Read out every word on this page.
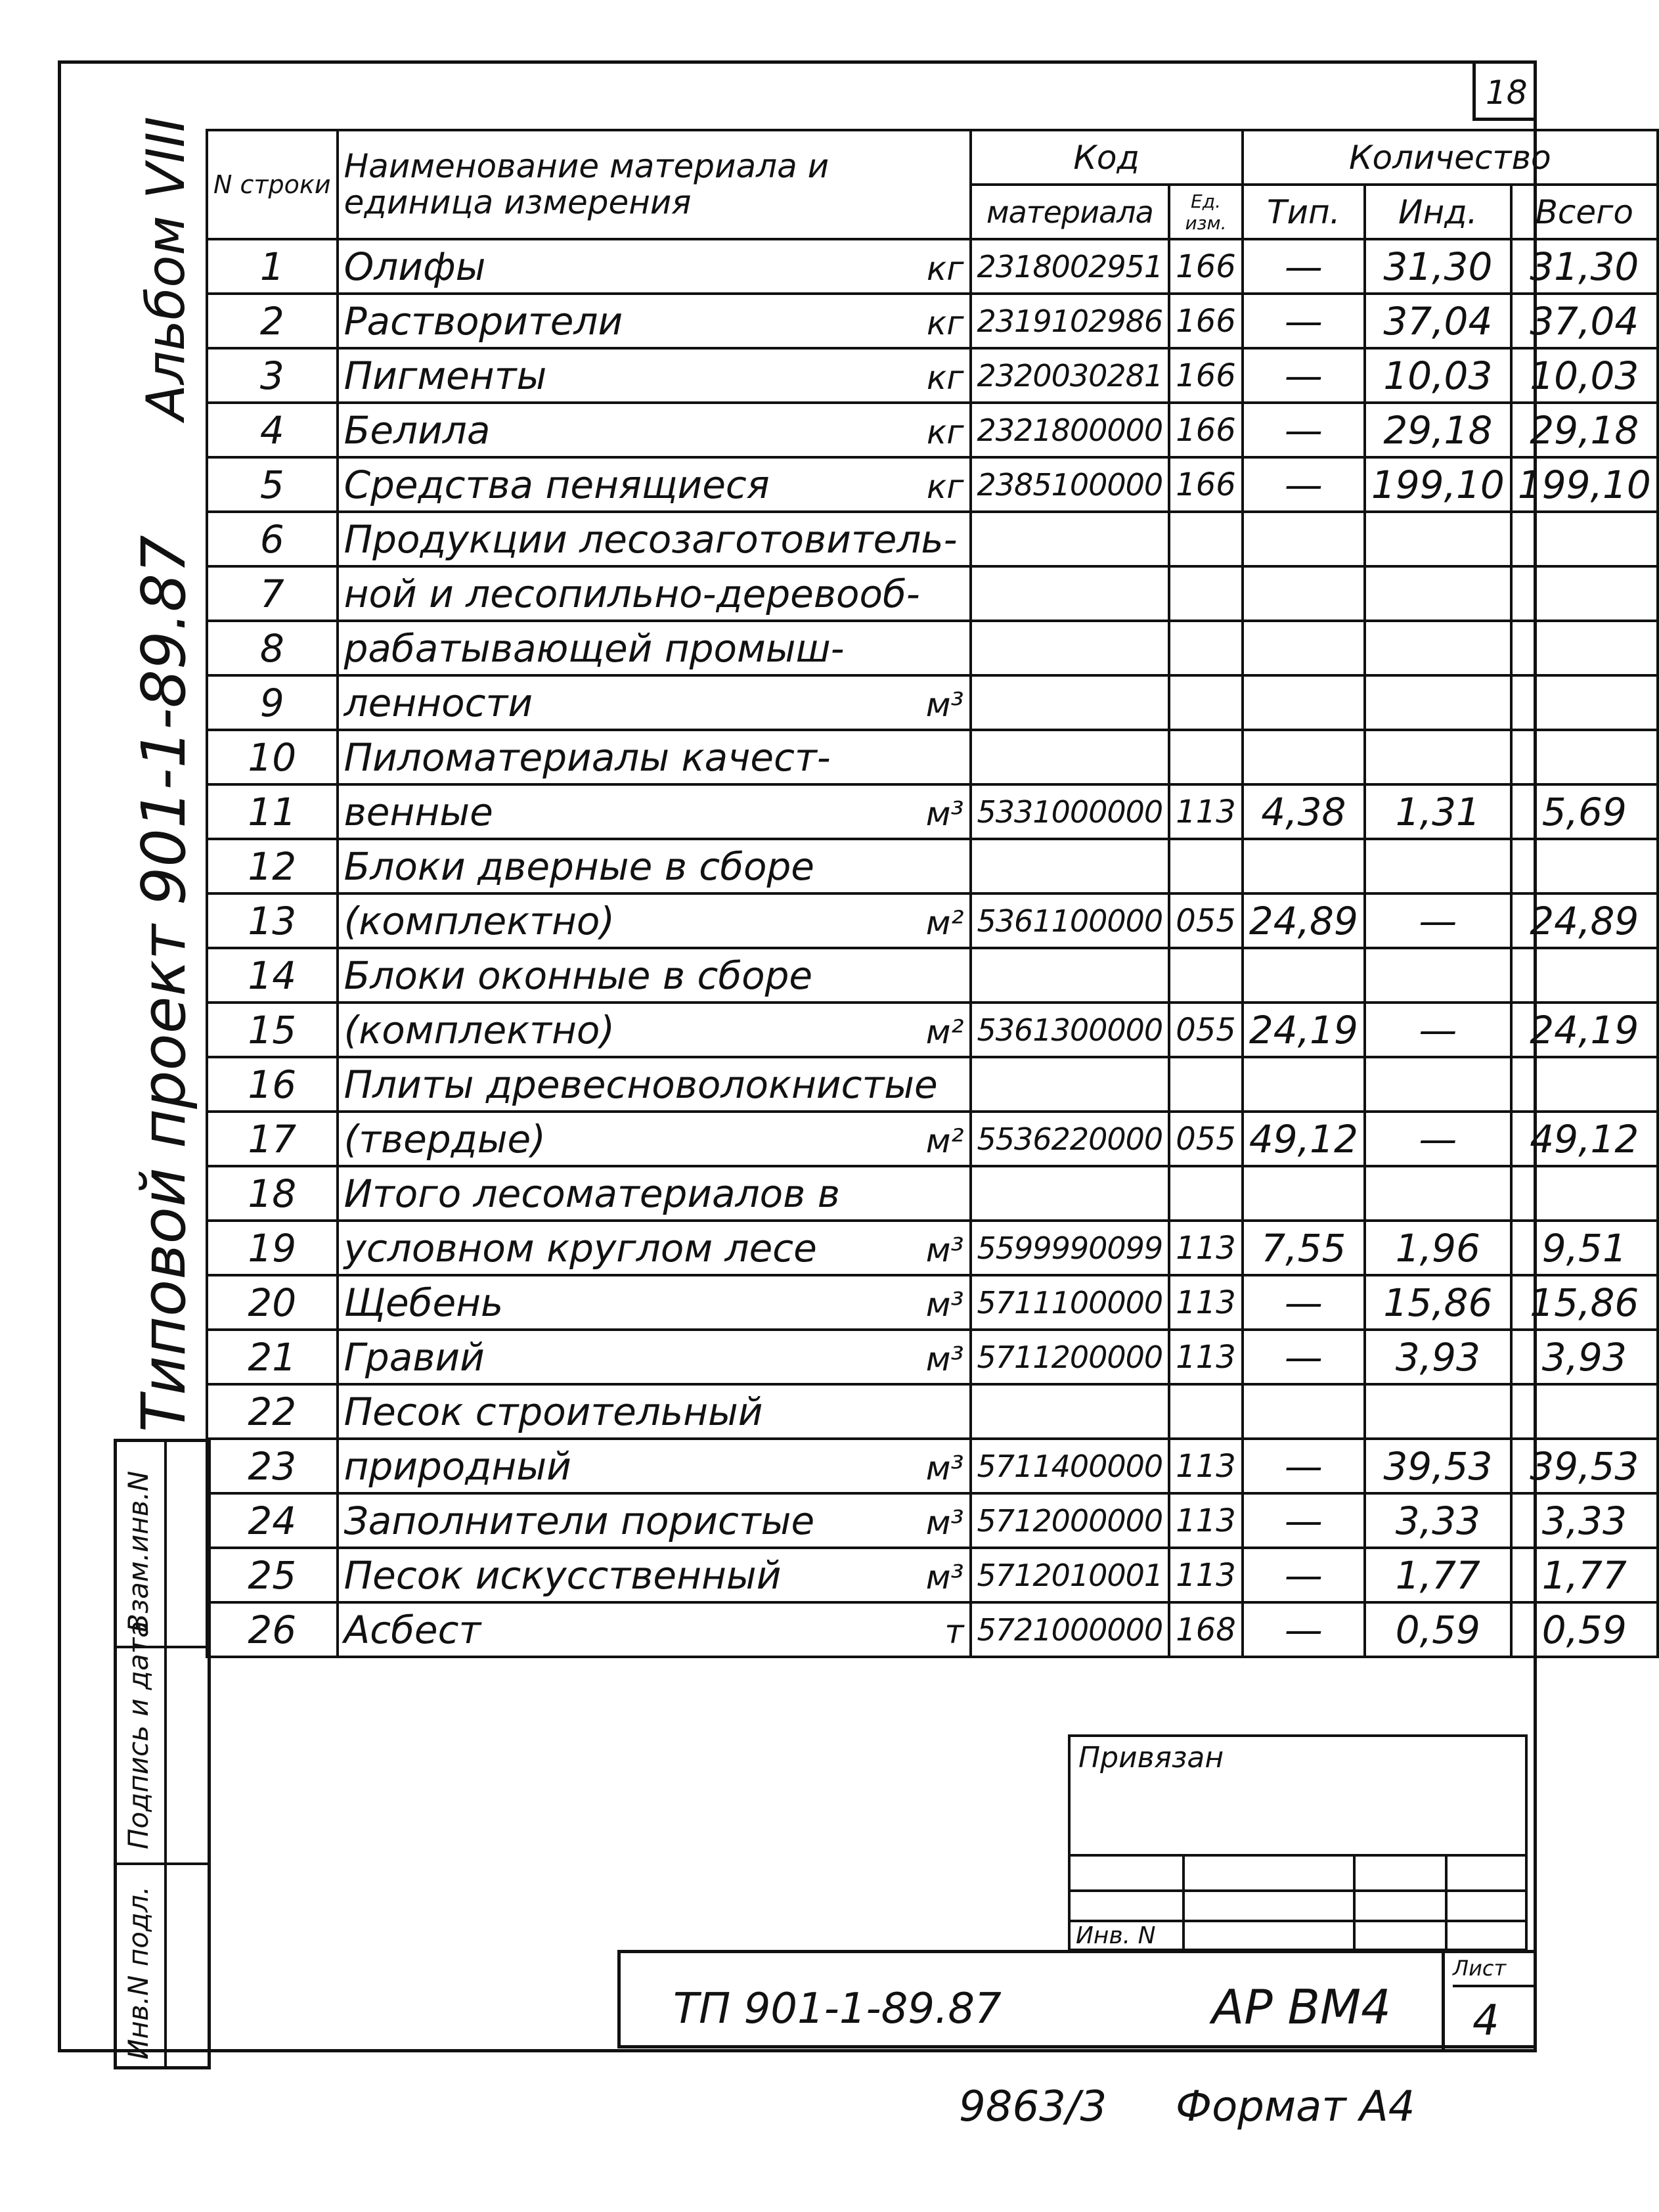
18
Альбом VIII
Типовой проект 901-1-89.87
Взам.инв.N
Подпись и дата
Инв.N подл.
N строки	Наименование материала и единица измерения	Код		Количество		
		материала	Ед. изм.	Тип.	Инд.	Всего
1	Олифы кг	2318002951	166	—	31,30	31,30
2	Растворители кг	2319102986	166	—	37,04	37,04
3	Пигменты кг	2320030281	166	—	10,03	10,03
4	Белила кг	2321800000	166	—	29,18	29,18
5	Средства пенящиеся кг	2385100000	166	—	199,10	199,10
6	Продукции лесозаготовитель-					

7	ной и лесопильно-деревооб-					

8	рабатывающей промыш-					

9	ленности м³					

10	Пиломатериалы качест-					

11	венные м³	5331000000	113	4,38	1,31	5,69
12	Блоки дверные в сборе					

13	(комплектно) м²	5361100000	055	24,89	—	24,89
14	Блоки оконные в сборе					

15	(комплектно) м²	5361300000	055	24,19	—	24,19
16	Плиты древесноволокнистые					

17	(твердые) м²	5536220000	055	49,12	—	49,12
18	Итого лесоматериалов в					

19	условном круглом лесе м³	5599990099	113	7,55	1,96	9,51
20	Щебень м³	5711100000	113	—	15,86	15,86
21	Гравий м³	5711200000	113	—	3,93	3,93
22	Песок строительный					

23	природный м³	5711400000	113	—	39,53	39,53
24	Заполнители пористые м³	5712000000	113	—	3,33	3,33
25	Песок искусственный м³	5712010001	113	—	1,77	1,77
26	Асбест т	5721000000	168	—	0,59	0,59
Привязан
Инв. N
ТП 901-1-89.87	АР ВМ4
Лист
4
9863/3 Формат А4
